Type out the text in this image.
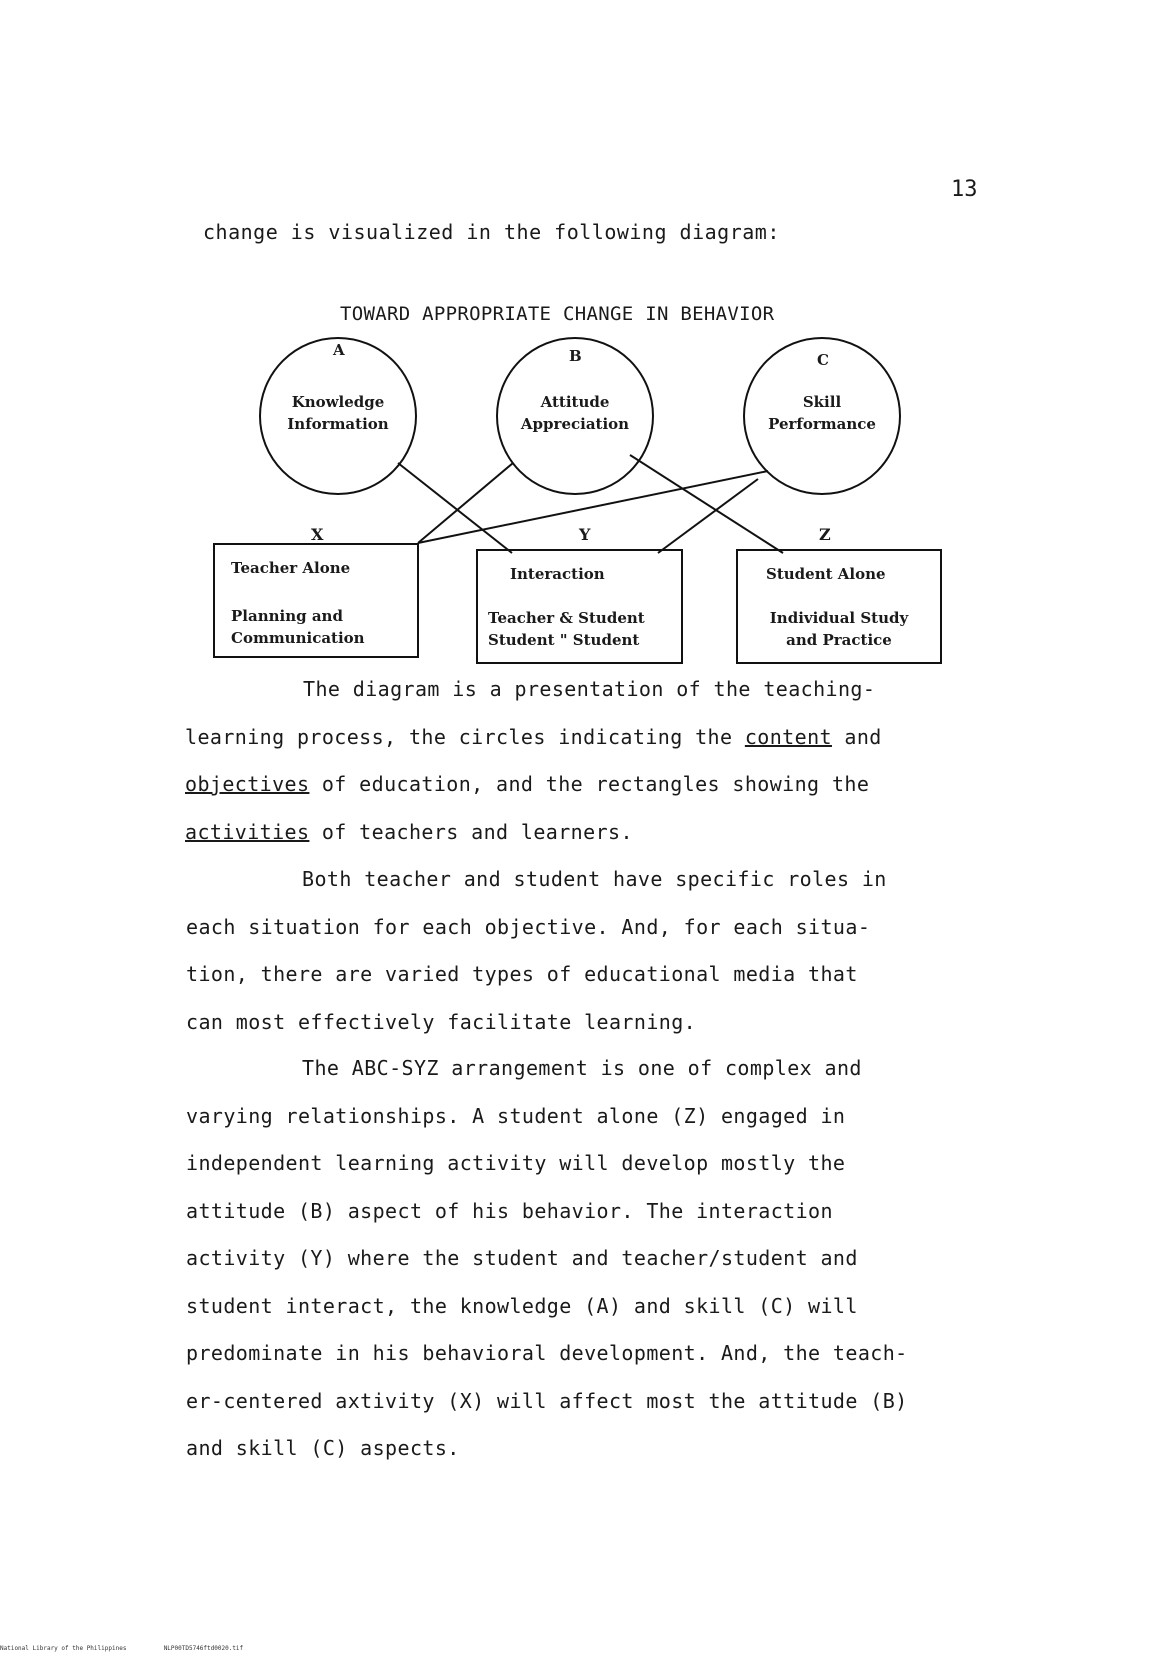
13
change is visualized in the following diagram:
TOWARD APPROPRIATE CHANGE IN BEHAVIOR
A
Knowledge
Information
B
Attitude
Appreciation
C
Skill
Performance
X	Y	Z
Teacher Alone
Planning and
Communication
Interaction
Teacher & Student
Student " Student
Student Alone
Individual Study
and Practice
The diagram is a presentation of the teaching-
learning process, the circles indicating the content and
objectives of education, and the rectangles showing the
activities of teachers and learners.
Both teacher and student have specific roles in
each situation for each objective. And, for each situa-
tion, there are varied types of educational media that
can most effectively facilitate learning.
The ABC-SYZ arrangement is one of complex and
varying relationships. A student alone (Z) engaged in
independent learning activity will develop mostly the
attitude (B) aspect of his behavior. The interaction
activity (Y) where the student and teacher/student and
student interact, the knowledge (A) and skill (C) will
predominate in his behavioral development. And, the teach-
er-centered axtivity (X) will affect most the attitude (B)
and skill (C) aspects.
National Library of the Philippines	NLP00TD5746ftd0020.tif
